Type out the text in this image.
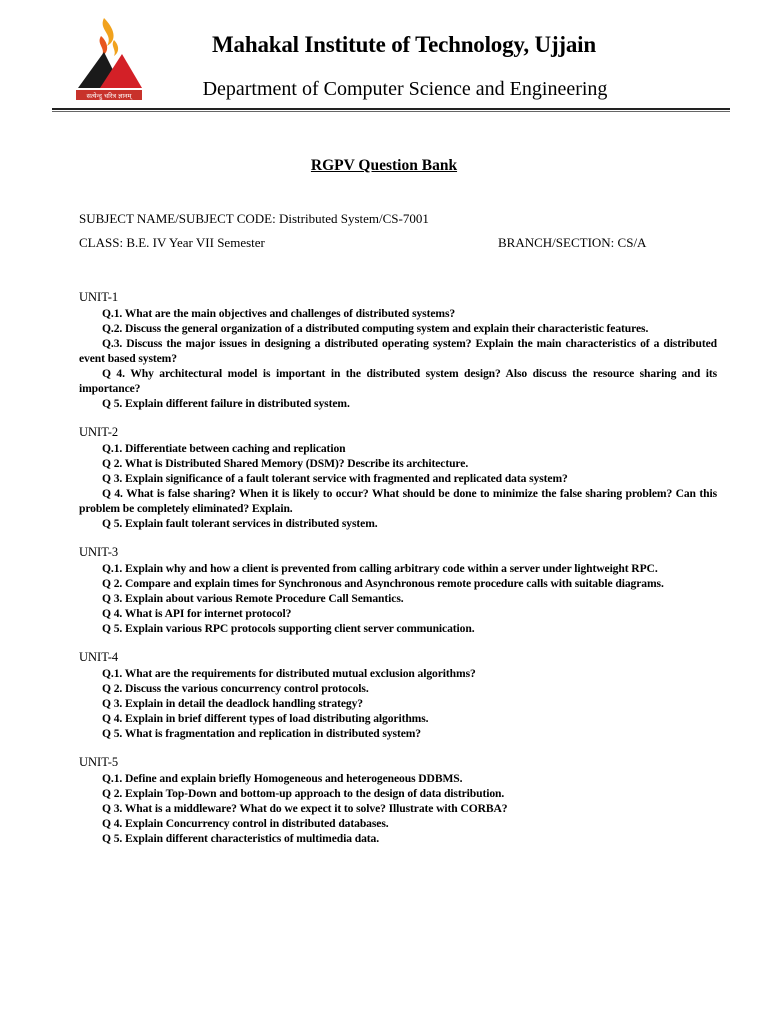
सत्येन्दु चरित्र ज्ञानम्
Mahakal Institute of Technology, Ujjain
Department of Computer Science and Engineering
RGPV Question Bank
SUBJECT NAME/SUBJECT CODE: Distributed System/CS-7001
CLASS: B.E. IV Year VII Semester	BRANCH/SECTION: CS/A
UNIT-1

Q.1. What are the main objectives and challenges of distributed systems?

Q.2. Discuss the general organization of a distributed computing system and explain their characteristic features.

Q.3. Discuss the major issues in designing a distributed operating system? Explain the main characteristics of a distributed event based system?

Q 4. Why architectural model is important in the distributed system design? Also discuss the resource sharing and its importance?

Q 5. Explain different failure in distributed system.

UNIT-2

Q.1. Differentiate between caching and replication

Q 2. What is Distributed Shared Memory (DSM)? Describe its architecture.

Q 3. Explain significance of a fault tolerant service with fragmented and replicated data system?

Q 4. What is false sharing? When it is likely to occur? What should be done to minimize the false sharing problem? Can this problem be completely eliminated? Explain.

Q 5. Explain fault tolerant services in distributed system.

UNIT-3

Q.1. Explain why and how a client is prevented from calling arbitrary code within a server under lightweight RPC.

Q 2. Compare and explain times for Synchronous and Asynchronous remote procedure calls with suitable diagrams.

Q 3. Explain about various Remote Procedure Call Semantics.

Q 4. What is API for internet protocol?

Q 5. Explain various RPC protocols supporting client server communication.

UNIT-4

Q.1. What are the requirements for distributed mutual exclusion algorithms?

Q 2. Discuss the various concurrency control protocols.

Q 3. Explain in detail the deadlock handling strategy?

Q 4. Explain in brief different types of load distributing algorithms.

Q 5. What is fragmentation and replication in distributed system?

UNIT-5

Q.1. Define and explain briefly Homogeneous and heterogeneous DDBMS.

Q 2. Explain Top-Down and bottom-up approach to the design of data distribution.

Q 3. What is a middleware? What do we expect it to solve? Illustrate with CORBA?

Q 4. Explain Concurrency control in distributed databases.

Q 5. Explain different characteristics of multimedia data.
